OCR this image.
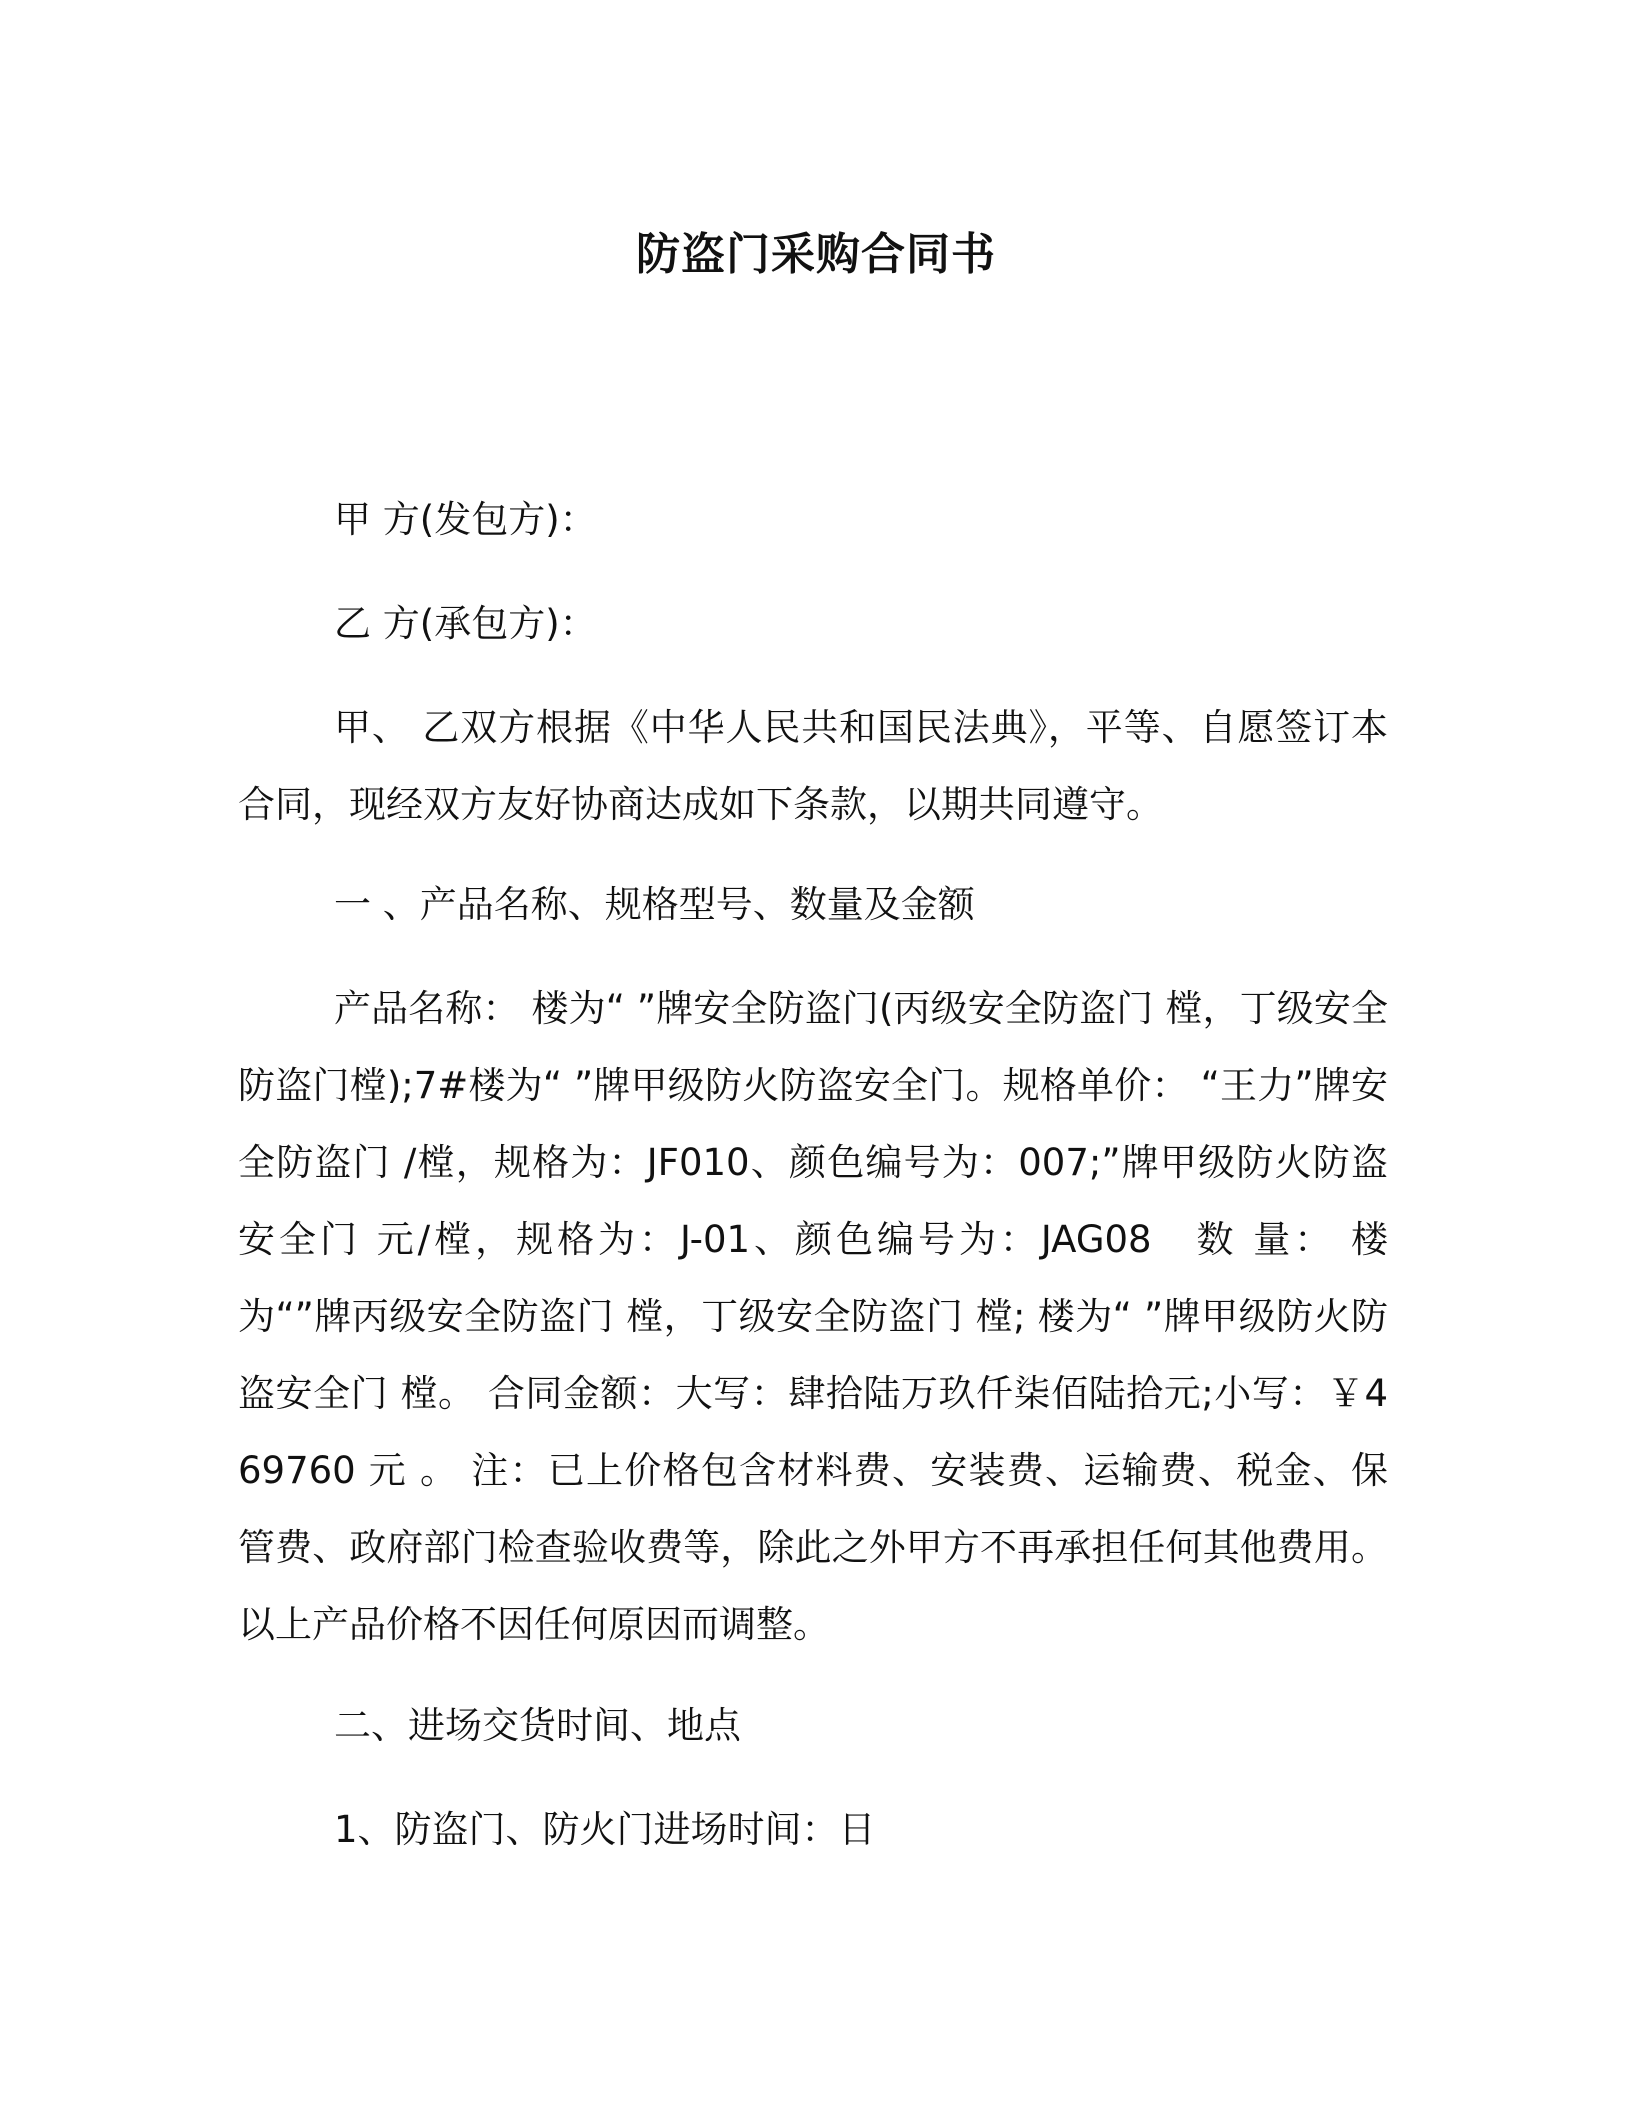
防盗门采购合同书
甲 方(发包方)：
乙 方(承包方)：

甲、 乙双方根据《中华人民共和国民法典》，平等、自愿签订本合同，现经双方友好协商达成如下条款，以期共同遵守。

一 、产品名称、规格型号、数量及金额

产品名称： 楼为“ ”牌安全防盗门(丙级安全防盗门 樘，丁级安全防盗门樘);7#楼为“ ”牌甲级防火防盗安全门。规格单价： “王力”牌安全防盗门 /樘，规格为：JF010、颜色编号为：007;”牌甲级防火防盗安全门 元/樘，规格为：J-01、颜色编号为：JAG08　数 量： 楼为“”牌丙级安全防盗门 樘，丁级安全防盗门 樘; 楼为“ ”牌甲级防火防盗安全门 樘。 合同金额：大写：肆拾陆万玖仟柒佰陆拾元;小写：￥469760 元 。 注：已上价格包含材料费、安装费、运输费、税金、保管费、政府部门检查验收费等，除此之外甲方不再承担任何其他费用。以上产品价格不因任何原因而调整。

二、进场交货时间、地点
1、防盗门、防火门进场时间：日
